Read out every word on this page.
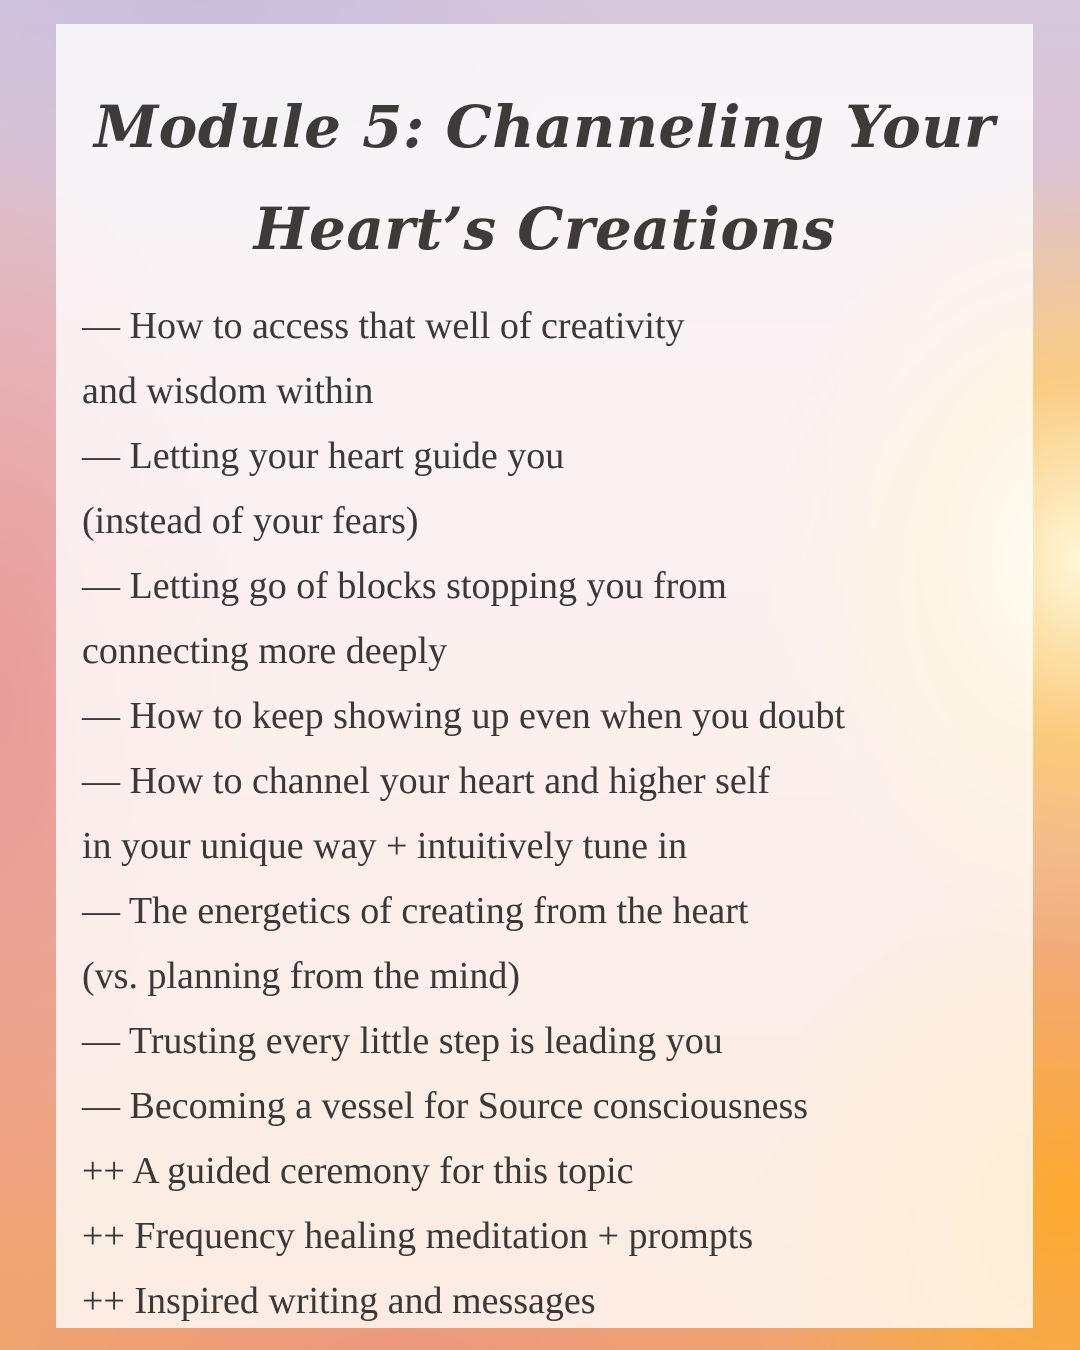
Module 5: Channeling Your
Heart’s Creations
— How to access that well of creativity
and wisdom within
— Letting your heart guide you
(instead of your fears)
— Letting go of blocks stopping you from
connecting more deeply
— How to keep showing up even when you doubt
— How to channel your heart and higher self
in your unique way + intuitively tune in
— The energetics of creating from the heart
(vs. planning from the mind)
— Trusting every little step is leading you
— Becoming a vessel for Source consciousness
++ A guided ceremony for this topic
++ Frequency healing meditation + prompts
++ Inspired writing and messages
